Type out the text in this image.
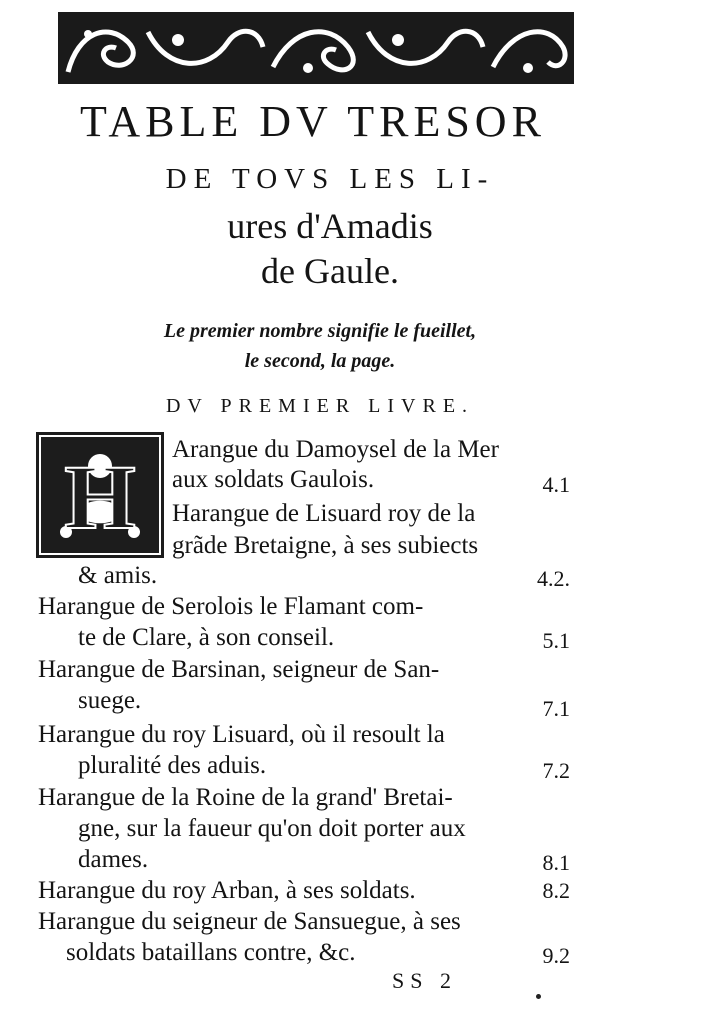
TABLE DV TRESOR
DE TOVS LES LI-
ures d'Amadis
de Gaule.
Le premier nombre signifie le fueillet,
le second, la page.
DV PREMIER LIVRE.
H Arangue du Damoysel de la Mer
aux soldats Gaulois.	4.1
Harangue de Lisuard roy de la
grãde Bretaigne, à ses subiects
& amis.	4.2.
Harangue de Serolois le Flamant com-
te de Clare, à son conseil.	5.1
Harangue de Barsinan, seigneur de San-
suege.	7.1
Harangue du roy Lisuard, où il resoult la
pluralité des aduis.	7.2
Harangue de la Roine de la grand' Bretai-
gne, sur la faueur qu'on doit porter aux
dames.	8.1
Harangue du roy Arban, à ses soldats.	8.2
Harangue du seigneur de Sansuegue, à ses
soldats bataillans contre, &c.	9.2
SS 2
